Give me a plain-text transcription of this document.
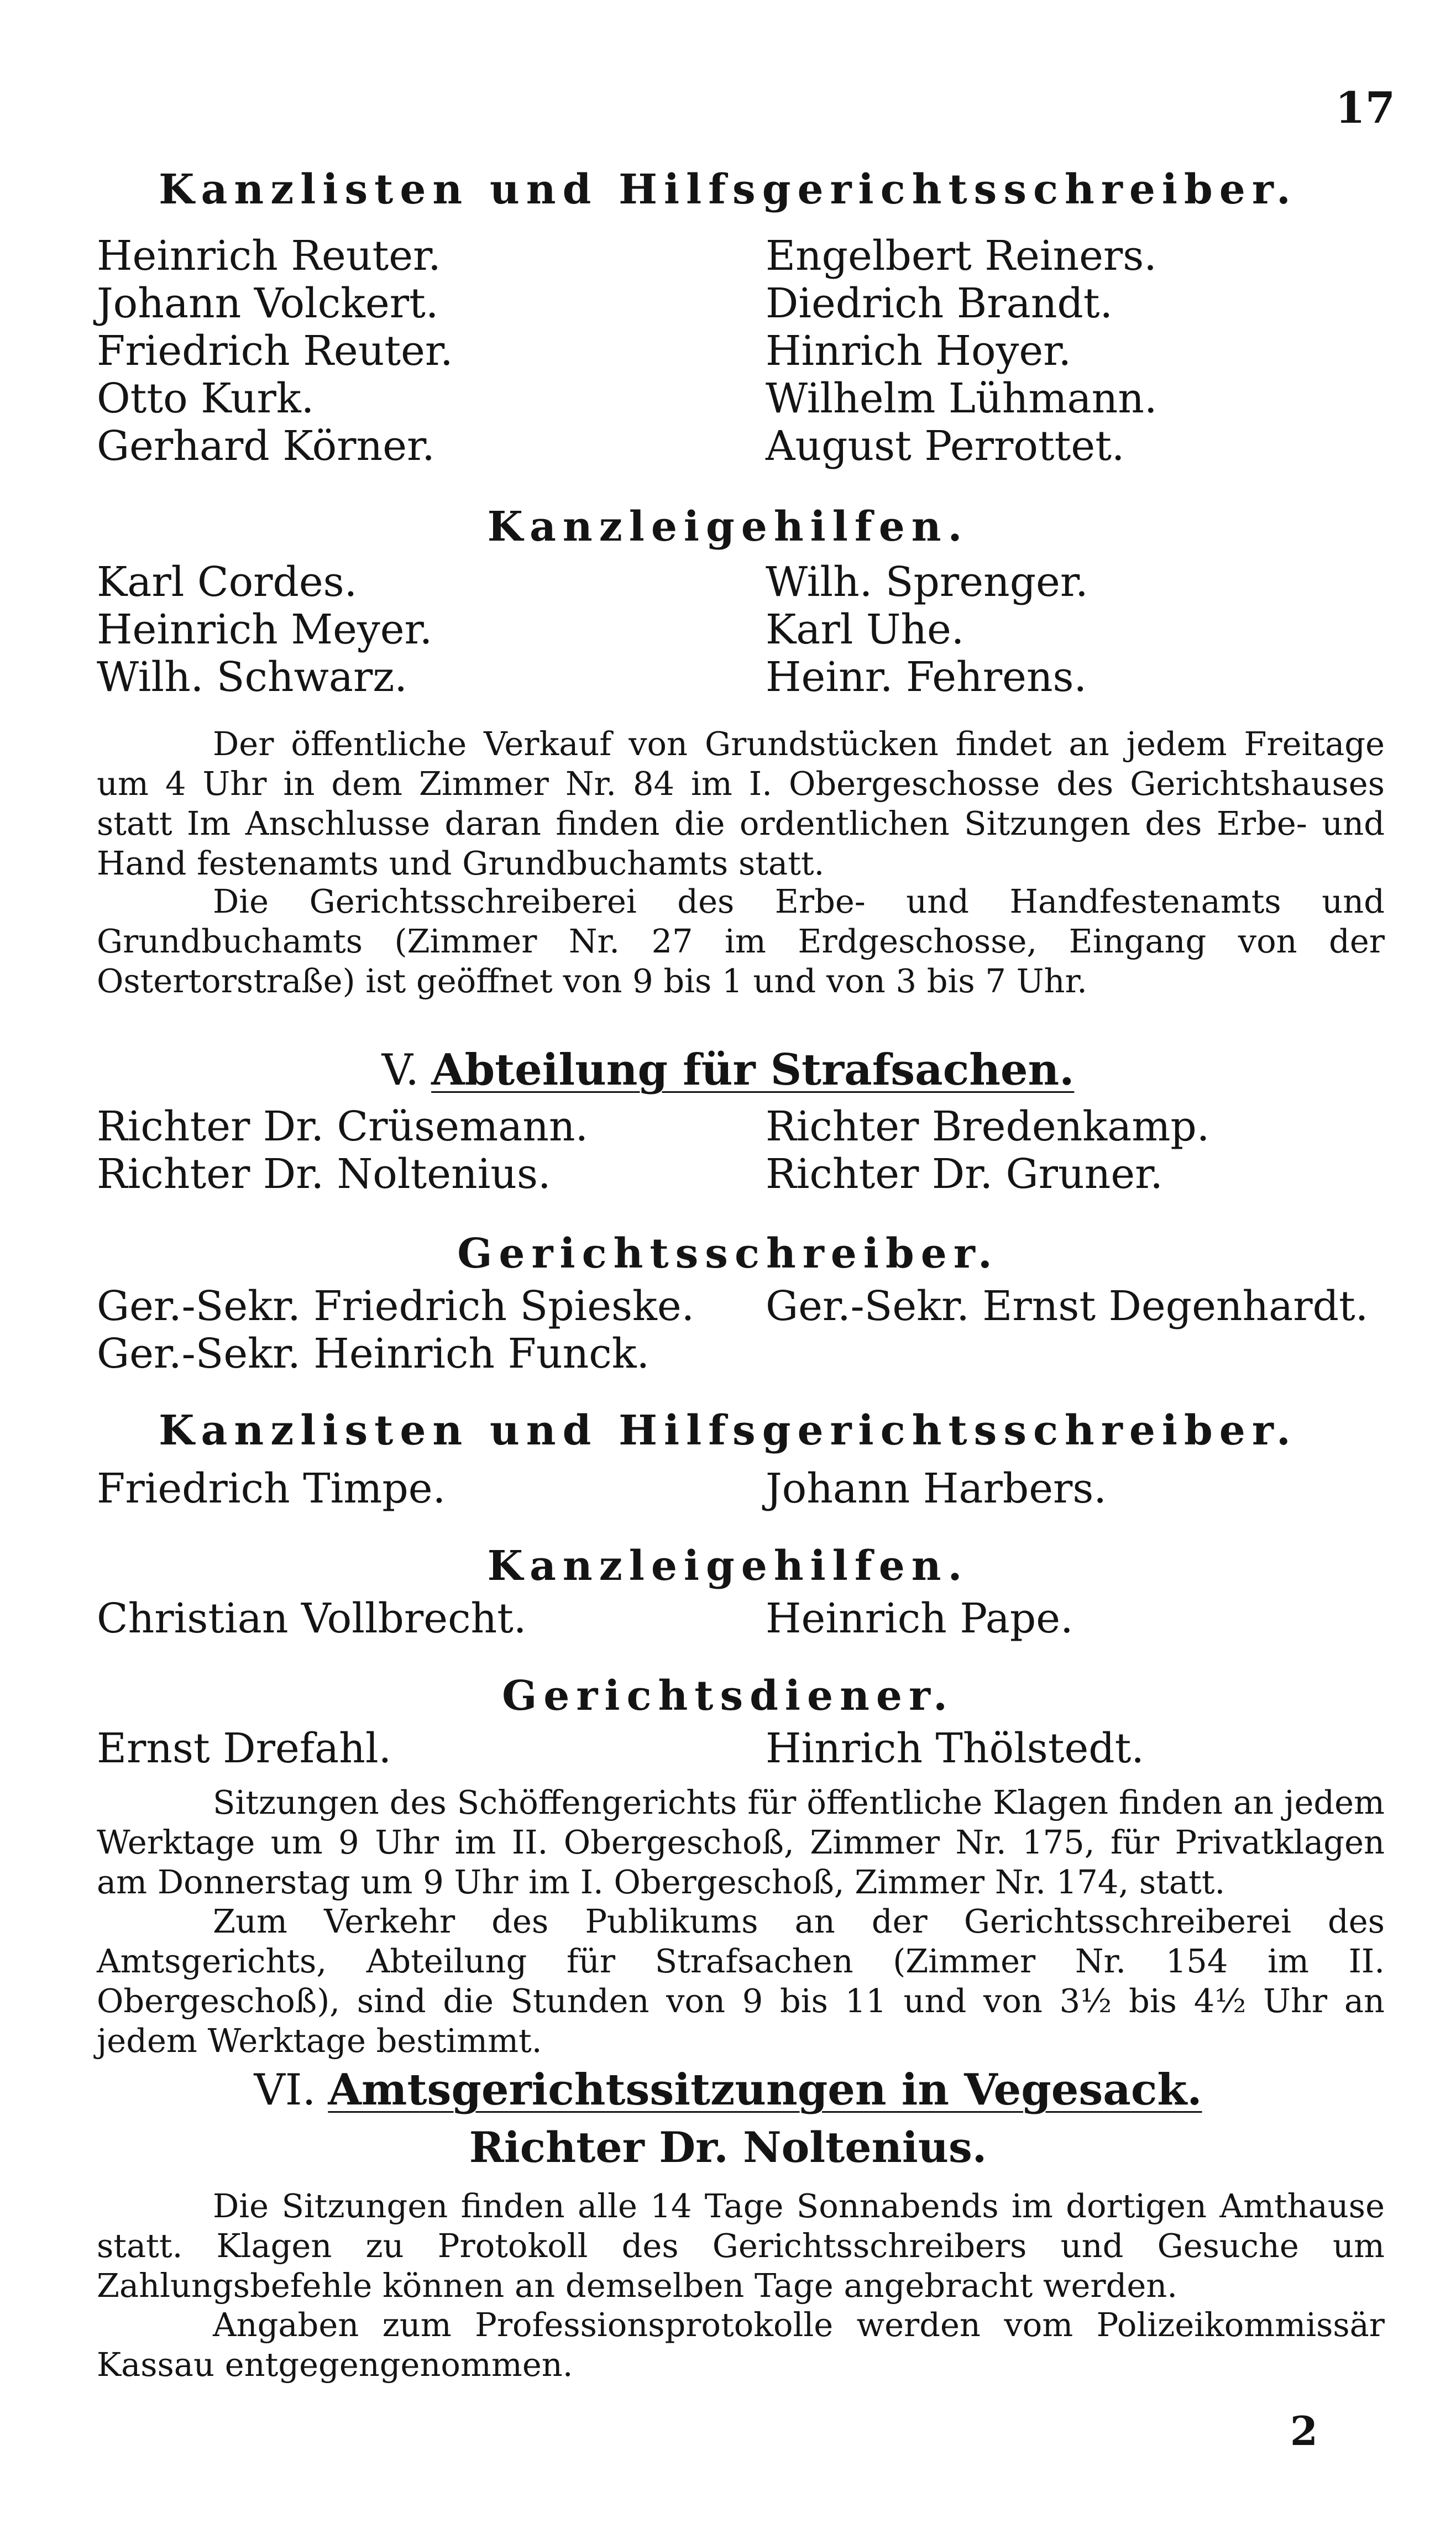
17
Kanzlisten und Hilfsgerichtsschreiber.
Heinrich Reuter.	Engelbert Reiners.
Johann Volckert.	Diedrich Brandt.
Friedrich Reuter.	Hinrich Hoyer.
Otto Kurk.	Wilhelm Lühmann.
Gerhard Körner.	August Perrottet.
Kanzleigehilfen.
Karl Cordes.	Wilh. Sprenger.
Heinrich Meyer.	Karl Uhe.
Wilh. Schwarz.	Heinr. Fehrens.
Der öffentliche Verkauf von Grundstücken findet an jedem Freitage um 4 Uhr in dem Zimmer Nr. 84 im I. Obergeschosse des Gerichtshauses statt Im Anschlusse daran finden die ordentlichen Sitzungen des Erbe- und Hand festenamts und Grundbuchamts statt.
Die Gerichtsschreiberei des Erbe- und Handfestenamts und Grundbuchamts (Zimmer Nr. 27 im Erdgeschosse, Eingang von der Ostertorstraße) ist geöffnet von 9 bis 1 und von 3 bis 7 Uhr.
V. Abteilung für Strafsachen.
Richter Dr. Crüsemann.	Richter Bredenkamp.
Richter Dr. Noltenius.	Richter Dr. Gruner.
Gerichtsschreiber.
Ger.-Sekr. Friedrich Spieske.	Ger.-Sekr. Ernst Degenhardt.
Ger.-Sekr. Heinrich Funck.
Kanzlisten und Hilfsgerichtsschreiber.
Friedrich Timpe.	Johann Harbers.
Kanzleigehilfen.
Christian Vollbrecht.	Heinrich Pape.
Gerichtsdiener.
Ernst Drefahl.	Hinrich Thölstedt.
Sitzungen des Schöffengerichts für öffentliche Klagen finden an jedem Werktage um 9 Uhr im II. Obergeschoß, Zimmer Nr. 175, für Privatklagen am Donnerstag um 9 Uhr im I. Obergeschoß, Zimmer Nr. 174, statt.
Zum Verkehr des Publikums an der Gerichtsschreiberei des Amtsgerichts, Abteilung für Strafsachen (Zimmer Nr. 154 im II. Obergeschoß), sind die Stunden von 9 bis 11 und von 3½ bis 4½ Uhr an jedem Werktage bestimmt.
VI. Amtsgerichtssitzungen in Vegesack.
Richter Dr. Noltenius.
Die Sitzungen finden alle 14 Tage Sonnabends im dortigen Amthause statt. Klagen zu Protokoll des Gerichtsschreibers und Gesuche um Zahlungsbefehle können an demselben Tage angebracht werden.
Angaben zum Professionsprotokolle werden vom Polizeikommissär Kassau entgegengenommen.
2
